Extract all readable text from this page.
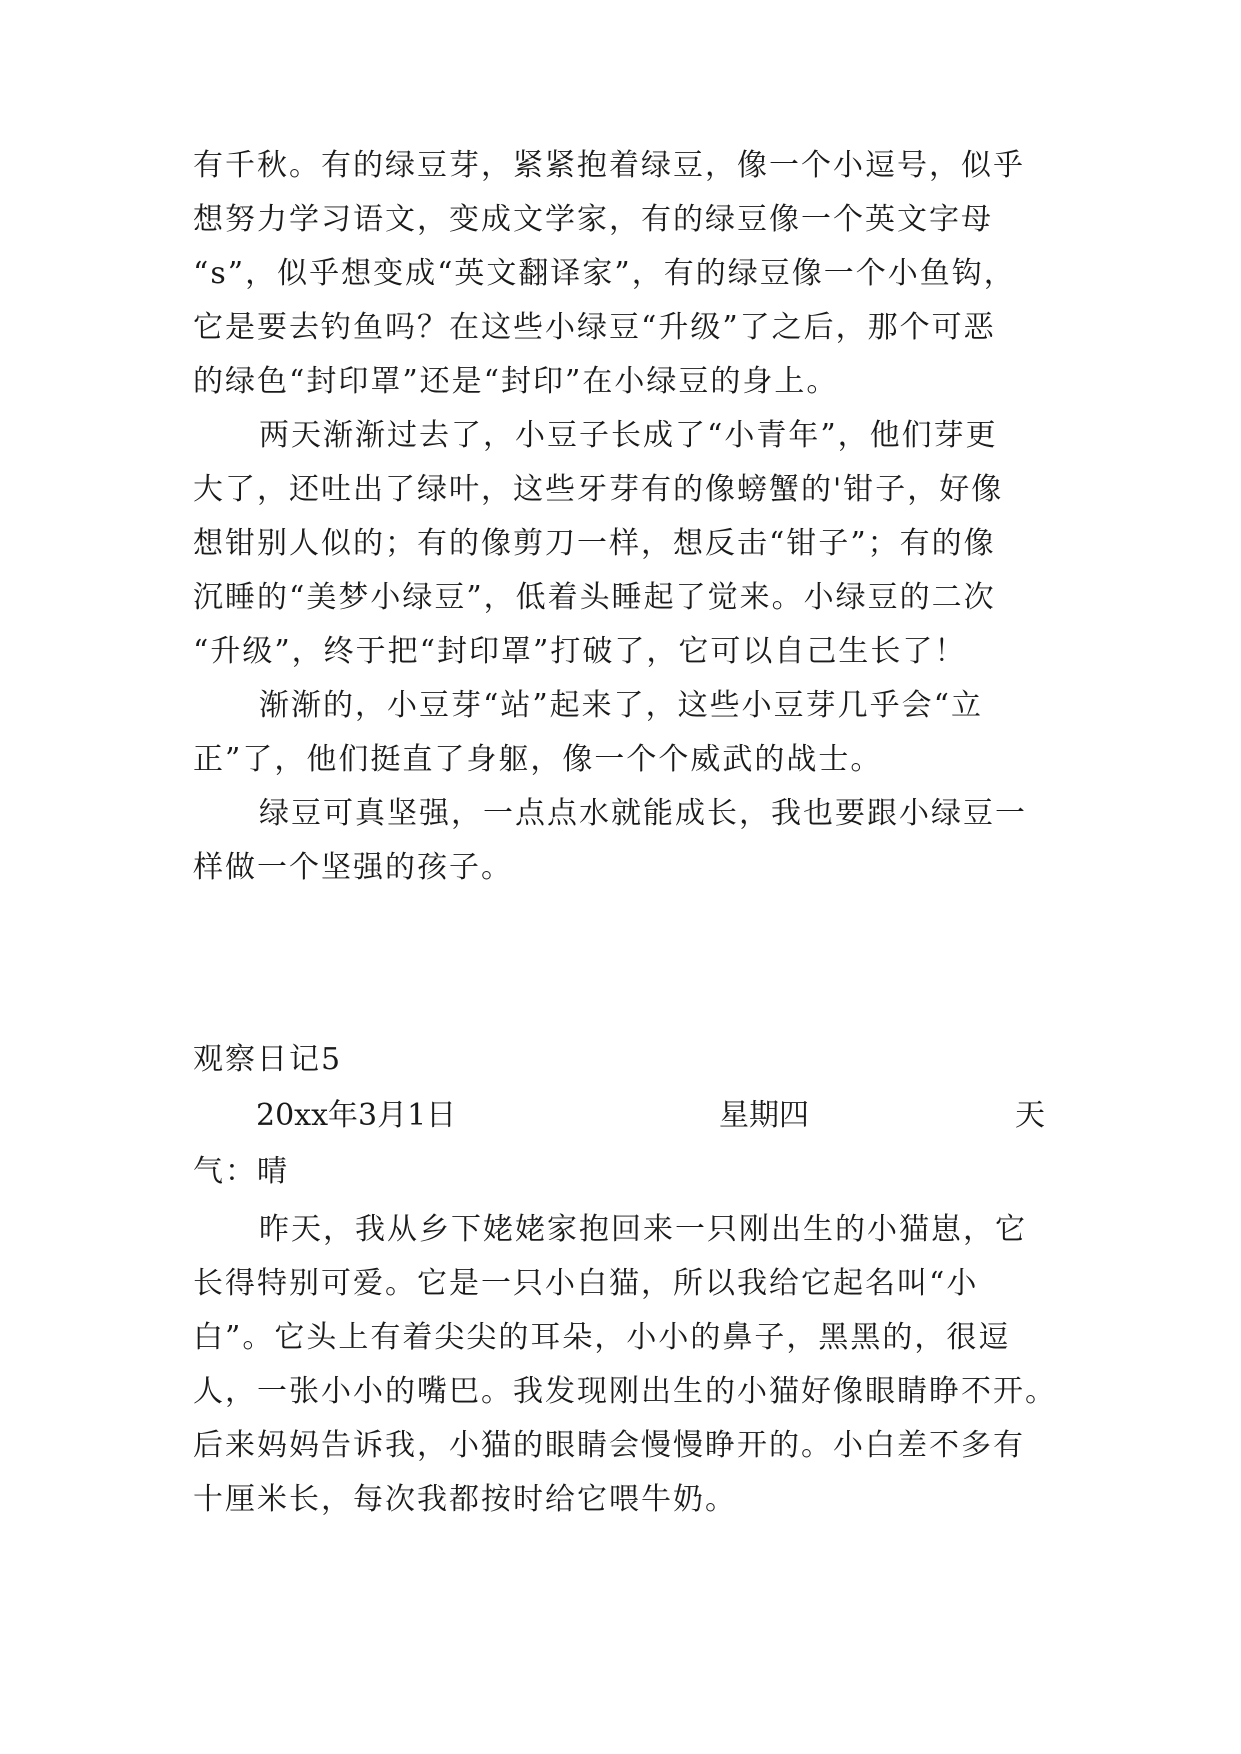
有千秋。有的绿豆芽，紧紧抱着绿豆，像一个小逗号，似乎
想努力学习语文，变成文学家，有的绿豆像一个英文字母
“s”，似乎想变成“英文翻译家”，有的绿豆像一个小鱼钩，
它是要去钓鱼吗？在这些小绿豆“升级”了之后，那个可恶
的绿色“封印罩”还是“封印”在小绿豆的身上。
两天渐渐过去了，小豆子长成了“小青年”，他们芽更
大了，还吐出了绿叶，这些牙芽有的像螃蟹的'钳子，好像
想钳别人似的；有的像剪刀一样，想反击“钳子”；有的像
沉睡的“美梦小绿豆”，低着头睡起了觉来。小绿豆的二次
“升级”，终于把“封印罩”打破了，它可以自己生长了！
渐渐的，小豆芽“站”起来了，这些小豆芽几乎会“立
正”了，他们挺直了身躯，像一个个威武的战士。
绿豆可真坚强，一点点水就能成长，我也要跟小绿豆一
样做一个坚强的孩子。
观察日记5
20xx年3月1日	星期四	天
气：晴
昨天，我从乡下姥姥家抱回来一只刚出生的小猫崽，它
长得特别可爱。它是一只小白猫，所以我给它起名叫“小
白”。它头上有着尖尖的耳朵，小小的鼻子，黑黑的，很逗
人，一张小小的嘴巴。我发现刚出生的小猫好像眼睛睁不开。
后来妈妈告诉我，小猫的眼睛会慢慢睁开的。小白差不多有
十厘米长，每次我都按时给它喂牛奶。
